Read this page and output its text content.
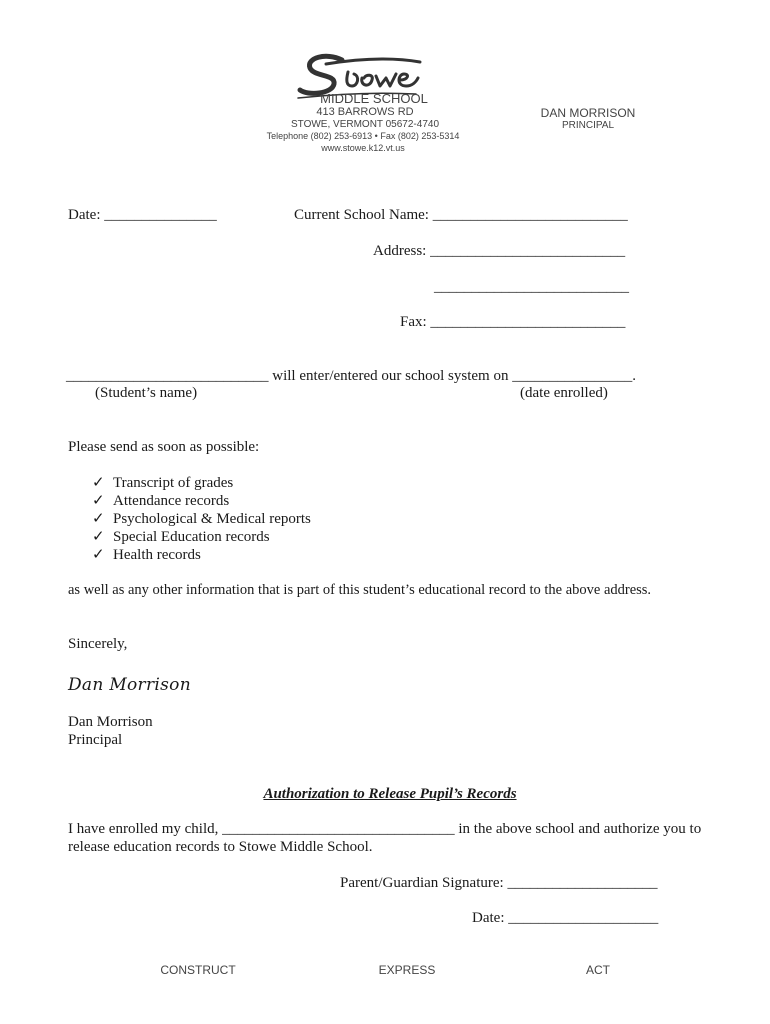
Stowe
MIDDLE SCHOOL
413 BARROWS RD
STOWE, VERMONT 05672-4740
Telephone (802) 253-6913 • Fax (802) 253-5314
www.stowe.k12.vt.us
DAN MORRISON
PRINCIPAL
Date: _______________	Current School Name: __________________________
Address: __________________________
__________________________
Fax: __________________________
___________________________ will enter/entered our school system on ________________.
(Student’s name)	(date enrolled)
Please send as soon as possible:
✓ Transcript of grades
✓ Attendance records
✓ Psychological & Medical reports
✓ Special Education records
✓ Health records
as well as any other information that is part of this student’s educational record to the above address.
Sincerely,
Dan Morrison
Dan Morrison
Principal
Authorization to Release Pupil’s Records
I have enrolled my child, _______________________________ in the above school and authorize you to
release education records to Stowe Middle School.
Parent/Guardian Signature: ____________________
Date: ____________________
CONSTRUCT	EXPRESS	ACT
